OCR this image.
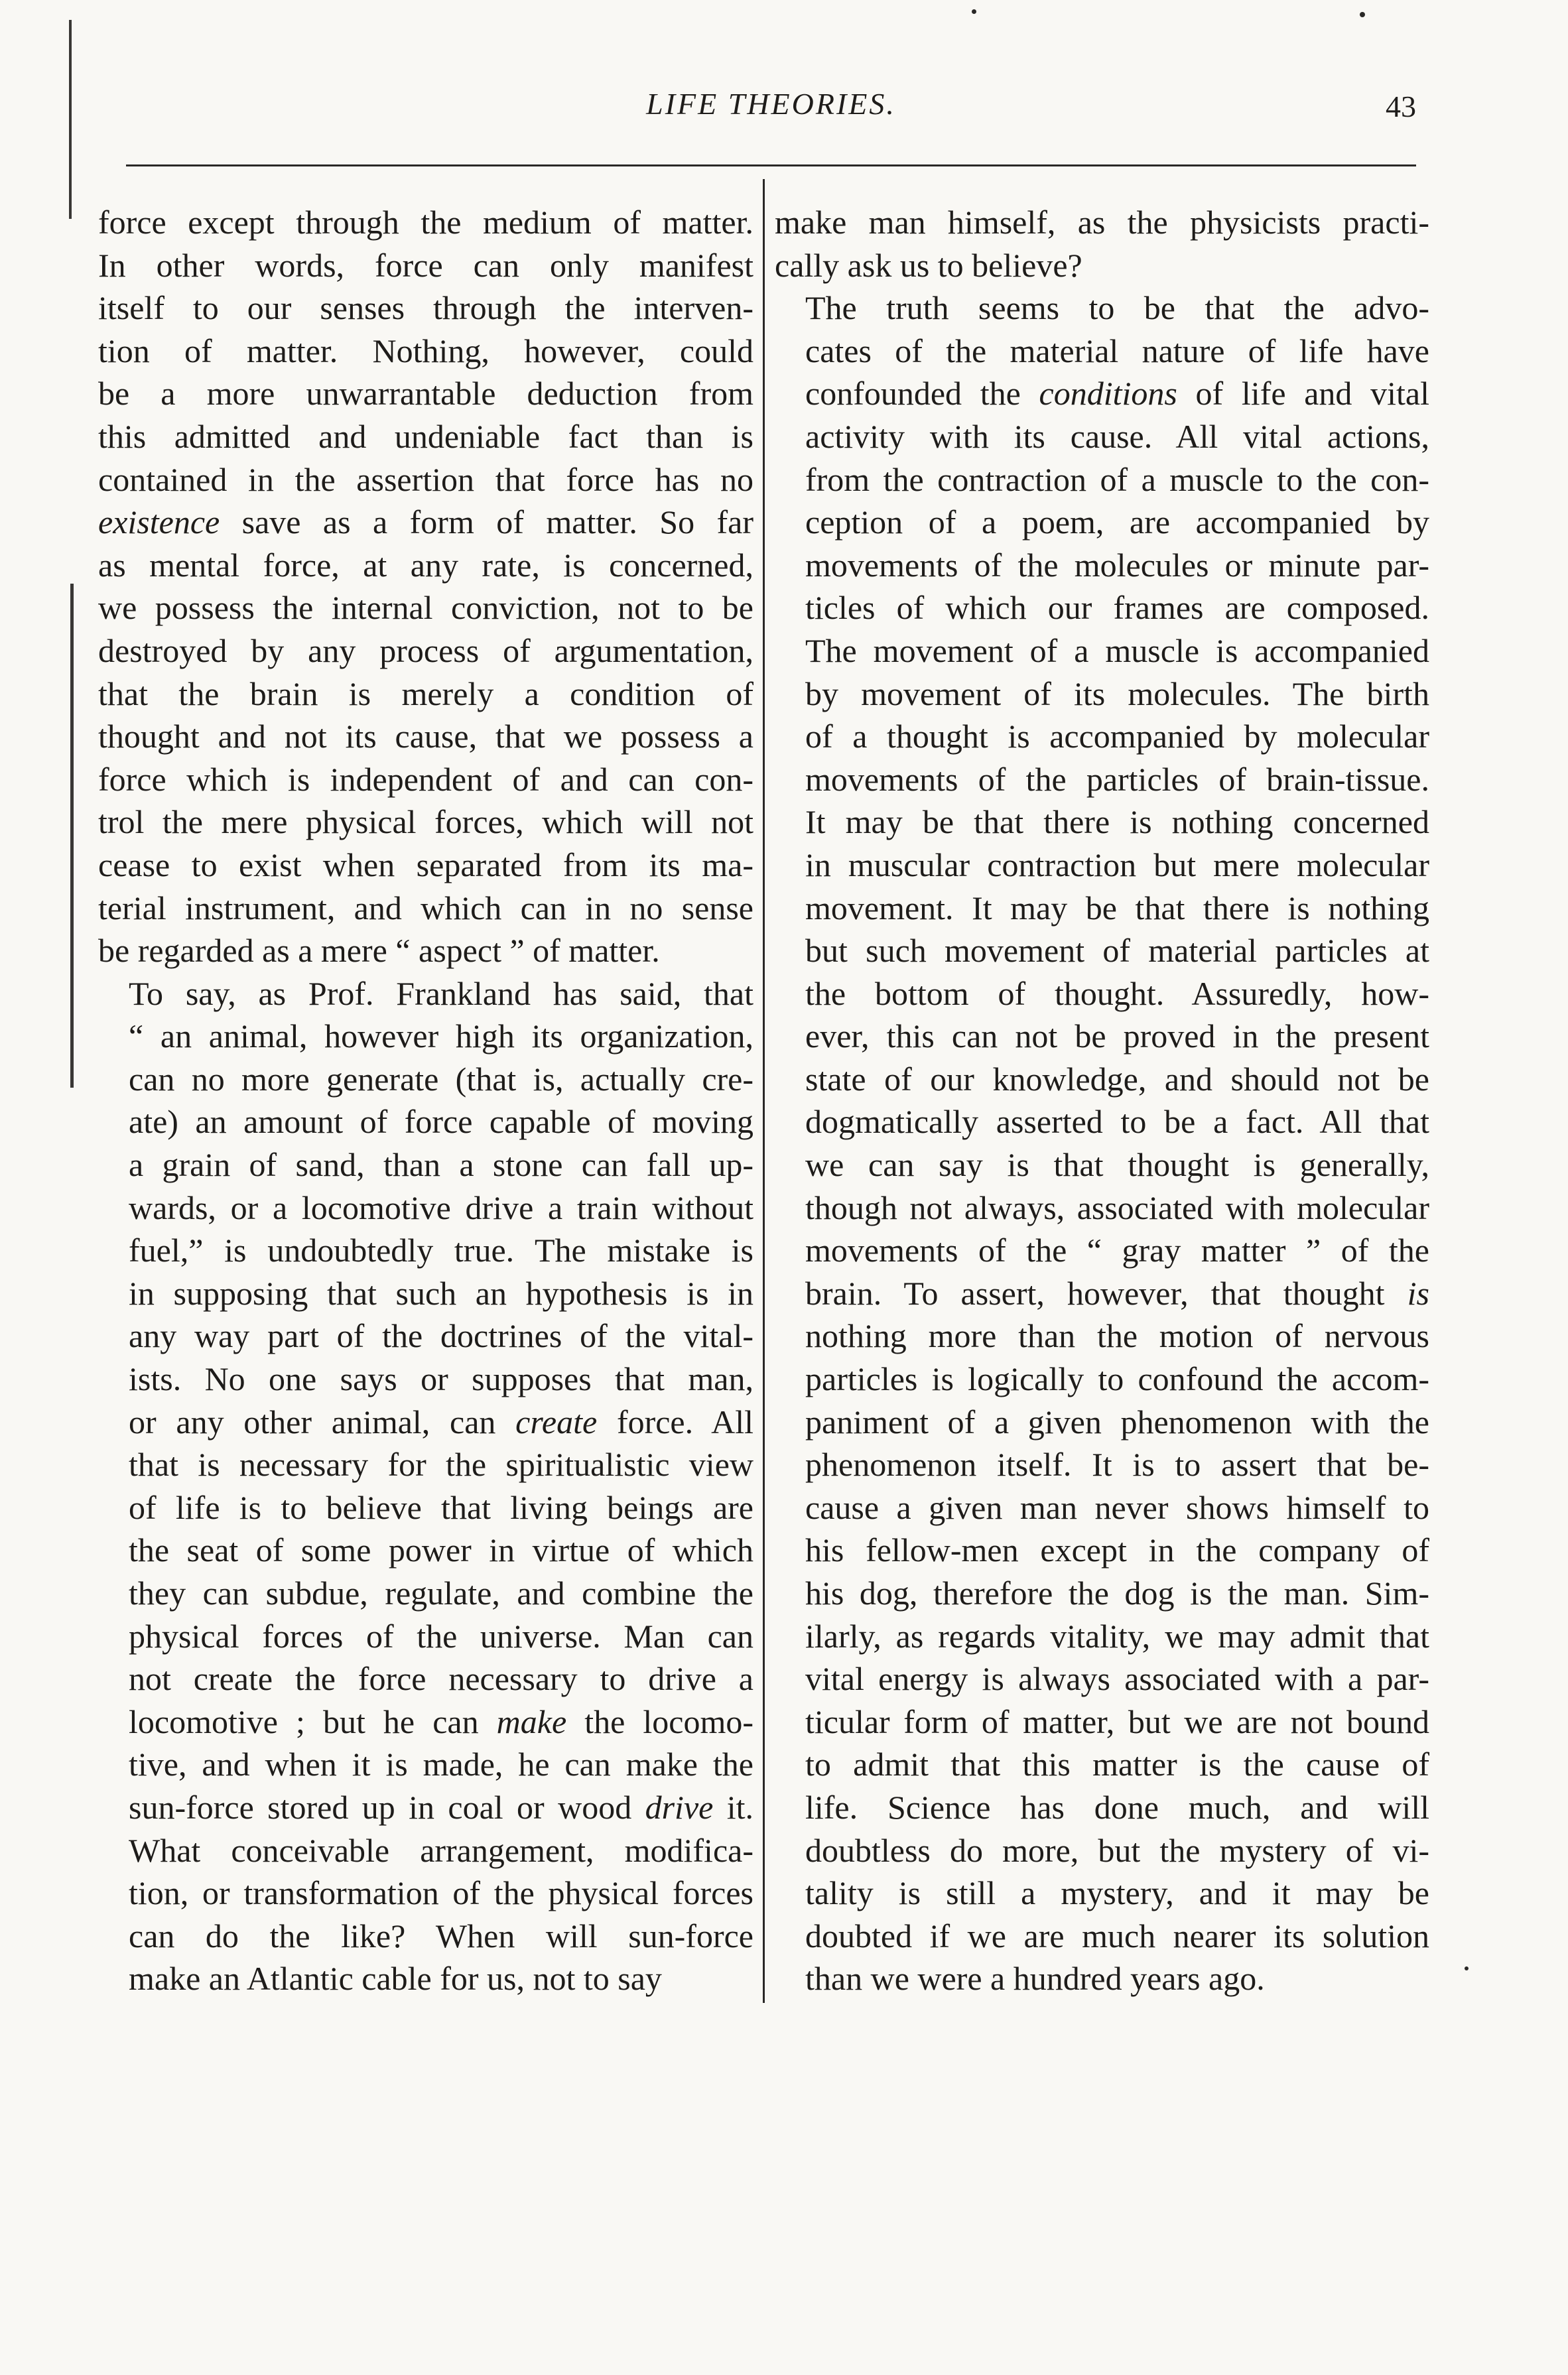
LIFE THEORIES.	43

force except through the medium of matter.
In other words, force can only manifest
itself to our senses through the interven-
tion of matter. Nothing, however, could
be a more unwarrantable deduction from
this admitted and undeniable fact than is
contained in the assertion that force has no
existence save as a form of matter. So far
as mental force, at any rate, is concerned,
we possess the internal conviction, not to be
destroyed by any process of argumentation,
that the brain is merely a condition of
thought and not its cause, that we possess a
force which is independent of and can con-
trol the mere physical forces, which will not
cease to exist when separated from its ma-
terial instrument, and which can in no sense
be regarded as a mere “ aspect ” of matter.

To say, as Prof. Frankland has said, that
“ an animal, however high its organization,
can no more generate (that is, actually cre-
ate) an amount of force capable of moving
a grain of sand, than a stone can fall up-
wards, or a locomotive drive a train without
fuel,” is undoubtedly true. The mistake is
in supposing that such an hypothesis is in
any way part of the doctrines of the vital-
ists. No one says or supposes that man,
or any other animal, can create force. All
that is necessary for the spiritualistic view
of life is to believe that living beings are
the seat of some power in virtue of which
they can subdue, regulate, and combine the
physical forces of the universe. Man can
not create the force necessary to drive a
locomotive ; but he can make the locomo-
tive, and when it is made, he can make the
sun-force stored up in coal or wood drive it.
What conceivable arrangement, modifica-
tion, or transformation of the physical forces
can do the like? When will sun-force
make an Atlantic cable for us, not to say

make man himself, as the physicists practi-
cally ask us to believe?

The truth seems to be that the advo-
cates of the material nature of life have
confounded the conditions of life and vital
activity with its cause. All vital actions,
from the contraction of a muscle to the con-
ception of a poem, are accompanied by
movements of the molecules or minute par-
ticles of which our frames are composed.
The movement of a muscle is accompanied
by movement of its molecules. The birth
of a thought is accompanied by molecular
movements of the particles of brain-tissue.
It may be that there is nothing concerned
in muscular contraction but mere molecular
movement. It may be that there is nothing
but such movement of material particles at
the bottom of thought. Assuredly, how-
ever, this can not be proved in the present
state of our knowledge, and should not be
dogmatically asserted to be a fact. All that
we can say is that thought is generally,
though not always, associated with molecular
movements of the “ gray matter ” of the
brain. To assert, however, that thought is
nothing more than the motion of nervous
particles is logically to confound the accom-
paniment of a given phenomenon with the
phenomenon itself. It is to assert that be-
cause a given man never shows himself to
his fellow-men except in the company of
his dog, therefore the dog is the man. Sim-
ilarly, as regards vitality, we may admit that
vital energy is always associated with a par-
ticular form of matter, but we are not bound
to admit that this matter is the cause of
life. Science has done much, and will
doubtless do more, but the mystery of vi-
tality is still a mystery, and it may be
doubted if we are much nearer its solution
than we were a hundred years ago.
